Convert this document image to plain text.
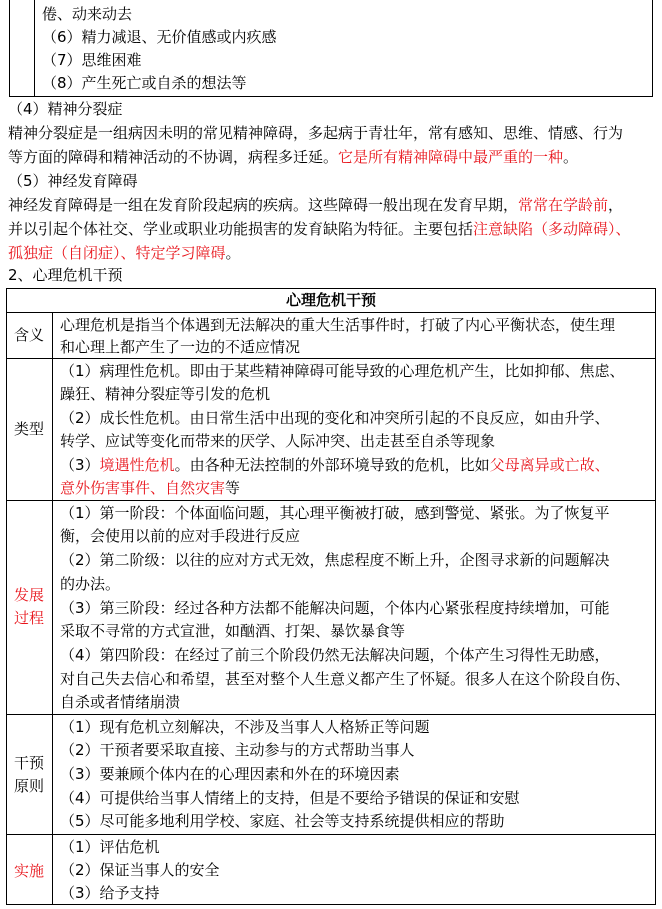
倦、动来动去
（6）精力减退、无价值感或内疚感
（7）思维困难
（8）产生死亡或自杀的想法等
（4）精神分裂症
精神分裂症是一组病因未明的常见精神障碍，多起病于青壮年，常有感知、思维、情感、行为
等方面的障碍和精神活动的不协调，病程多迁延。它是所有精神障碍中最严重的一种。
（5）神经发育障碍
神经发育障碍是一组在发育阶段起病的疾病。这些障碍一般出现在发育早期，常常在学龄前，
并以引起个体社交、学业或职业功能损害的发育缺陷为特征。主要包括注意缺陷（多动障碍）、
孤独症（自闭症）、特定学习障碍。
2、心理危机干预
心理危机干预
含义
心理危机是指当个体遇到无法解决的重大生活事件时，打破了内心平衡状态，使生理
和心理上都产生了一边的不适应情况
类型
（1）病理性危机。即由于某些精神障碍可能导致的心理危机产生，比如抑郁、焦虑、
躁狂、精神分裂症等引发的危机
（2）成长性危机。由日常生活中出现的变化和冲突所引起的不良反应，如由升学、
转学、应试等变化而带来的厌学、人际冲突、出走甚至自杀等现象
（3）境遇性危机。由各种无法控制的外部环境导致的危机，比如父母离异或亡故、
意外伤害事件、自然灾害等
发展
过程
（1）第一阶段：个体面临问题，其心理平衡被打破，感到警觉、紧张。为了恢复平
衡，会使用以前的应对手段进行反应
（2）第二阶级：以往的应对方式无效，焦虑程度不断上升，企图寻求新的问题解决
的办法。
（3）第三阶段：经过各种方法都不能解决问题，个体内心紧张程度持续增加，可能
采取不寻常的方式宣泄，如酗酒、打架、暴饮暴食等
（4）第四阶段：在经过了前三个阶段仍然无法解决问题，个体产生习得性无助感，
对自己失去信心和希望，甚至对整个人生意义都产生了怀疑。很多人在这个阶段自伤、
自杀或者情绪崩溃
干预
原则
（1）现有危机立刻解决，不涉及当事人人格矫正等问题
（2）干预者要采取直接、主动参与的方式帮助当事人
（3）要兼顾个体内在的心理因素和外在的环境因素
（4）可提供给当事人情绪上的支持，但是不要给予错误的保证和安慰
（5）尽可能多地利用学校、家庭、社会等支持系统提供相应的帮助
实施
（1）评估危机
（2）保证当事人的安全
（3）给予支持
